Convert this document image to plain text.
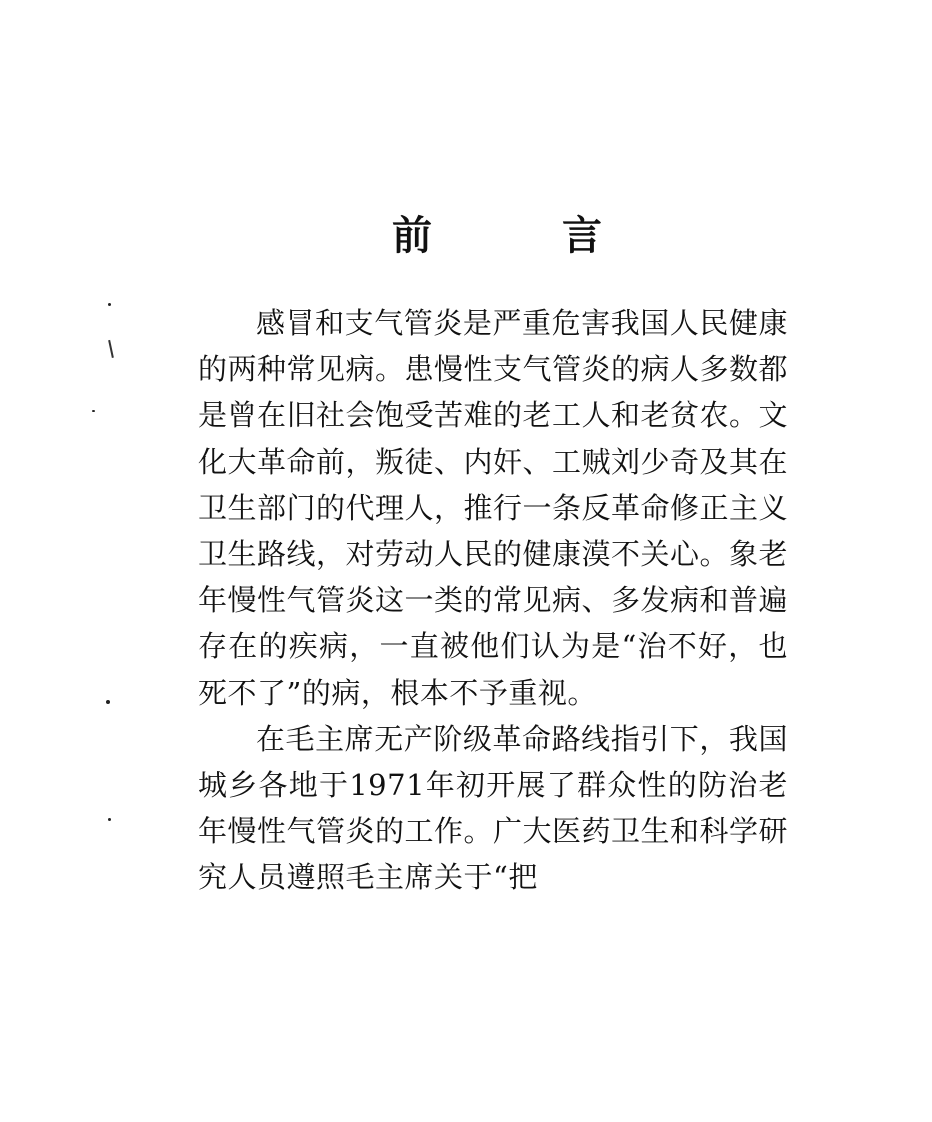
前	言

感冒和支气管炎是严重危害我国人民健康的两种常见病。患慢性支气管炎的病人多数都是曾在旧社会饱受苦难的老工人和老贫农。文化大革命前，叛徒、内奸、工贼刘少奇及其在卫生部门的代理人，推行一条反革命修正主义卫生路线，对劳动人民的健康漠不关心。象老年慢性气管炎这一类的常见病、多发病和普遍存在的疾病，一直被他们认为是“治不好，也死不了”的病，根本不予重视。

在毛主席无产阶级革命路线指引下，我国城乡各地于1971年初开展了群众性的防治老年慢性气管炎的工作。广大医药卫生和科学研究人员遵照毛主席关于“把
